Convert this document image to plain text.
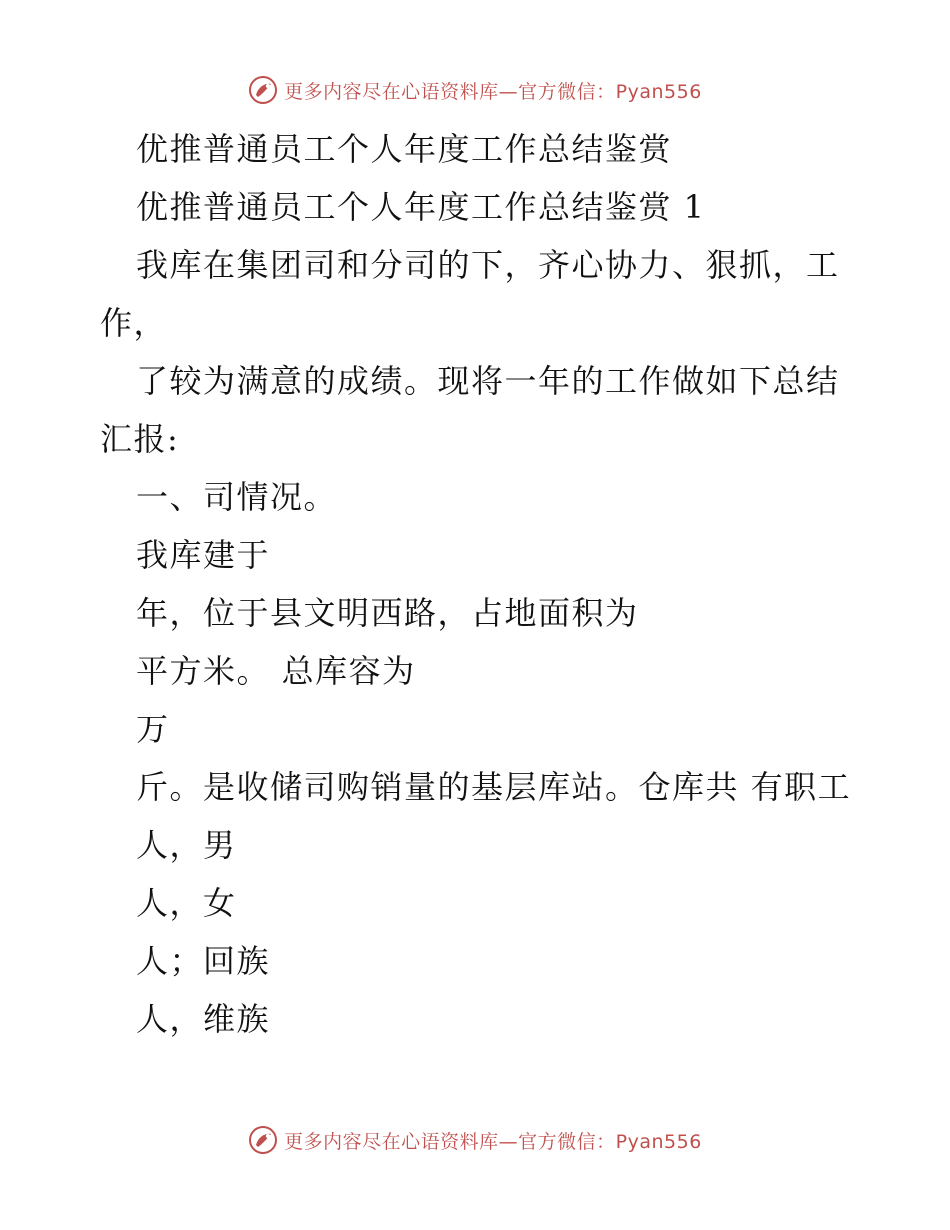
更多内容尽在心语资料库—官方微信：Pyan556

优推普通员工个人年度工作总结鉴赏

优推普通员工个人年度工作总结鉴赏 1

我库在集团司和分司的下，齐心协力、狠抓，工作，

了较为满意的成绩。现将一年的工作做如下总结汇报:

一、司情况。

我库建于

年，位于县文明西路，占地面积为

平方米。 总库容为

万

斤。是收储司购销量的基层库站。仓库共 有职工

人，男

人，女

人；回族

人，维族

更多内容尽在心语资料库—官方微信：Pyan556
